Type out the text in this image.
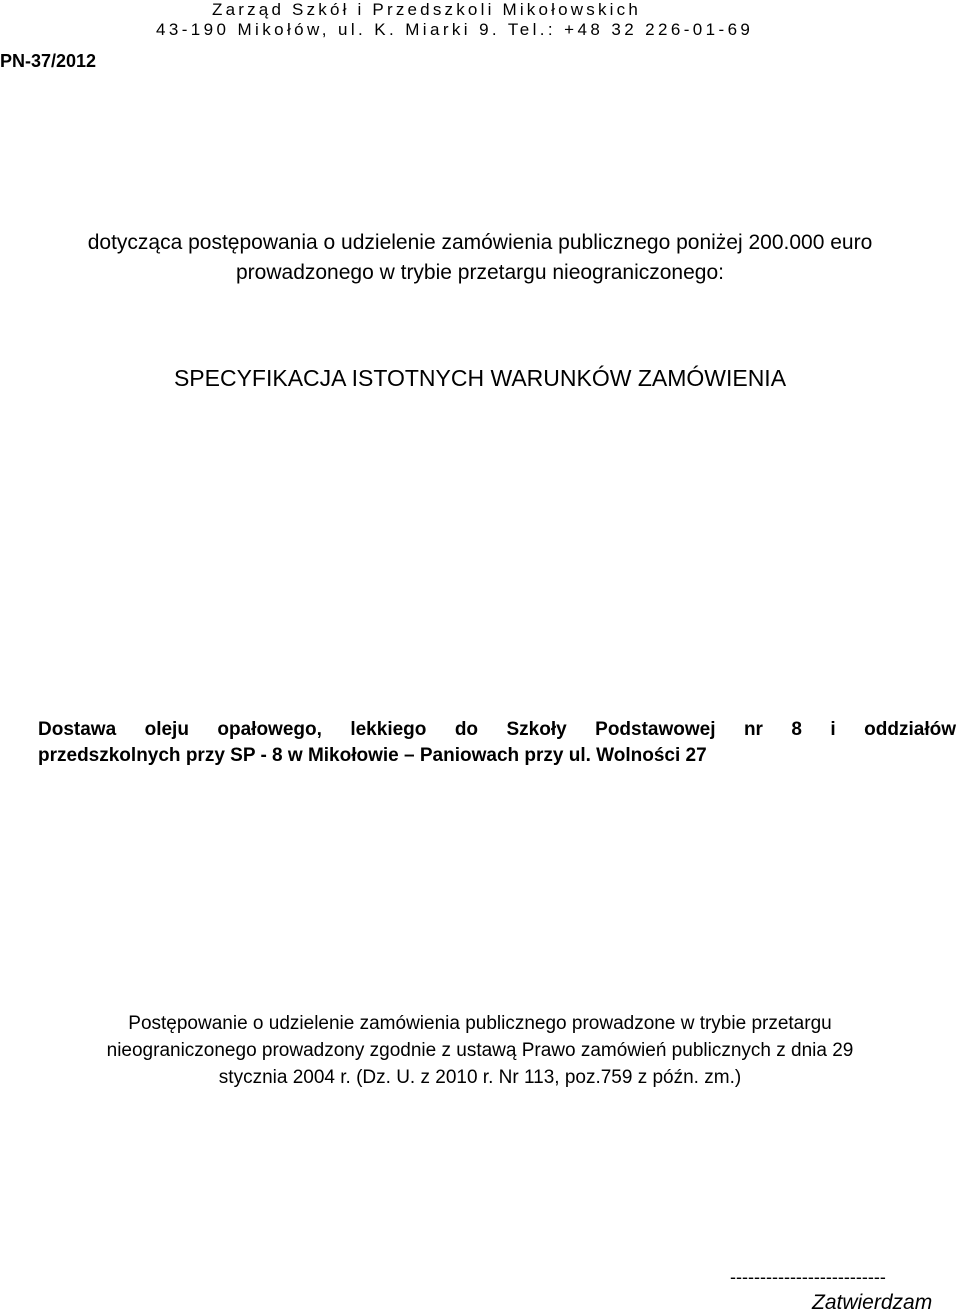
Zarząd Szkół i Przedszkoli Mikołowskich
43-190 Mikołów, ul. K. Miarki 9. Tel.: +48 32 226-01-69
PN-37/2012
dotycząca postępowania o udzielenie zamówienia publicznego poniżej 200.000 euro
prowadzonego w trybie przetargu nieograniczonego:
SPECYFIKACJA ISTOTNYCH WARUNKÓW ZAMÓWIENIA
Dostawa oleju opałowego, lekkiego do Szkoły Podstawowej nr 8 i oddziałów
przedszkolnych przy SP - 8 w Mikołowie – Paniowach przy ul. Wolności 27
Postępowanie o udzielenie zamówienia publicznego prowadzone w trybie przetargu
nieograniczonego prowadzony zgodnie z ustawą Prawo zamówień publicznych z dnia 29
stycznia 2004 r. (Dz. U. z 2010 r. Nr 113, poz.759 z późn. zm.)
--------------------------
Zatwierdzam
